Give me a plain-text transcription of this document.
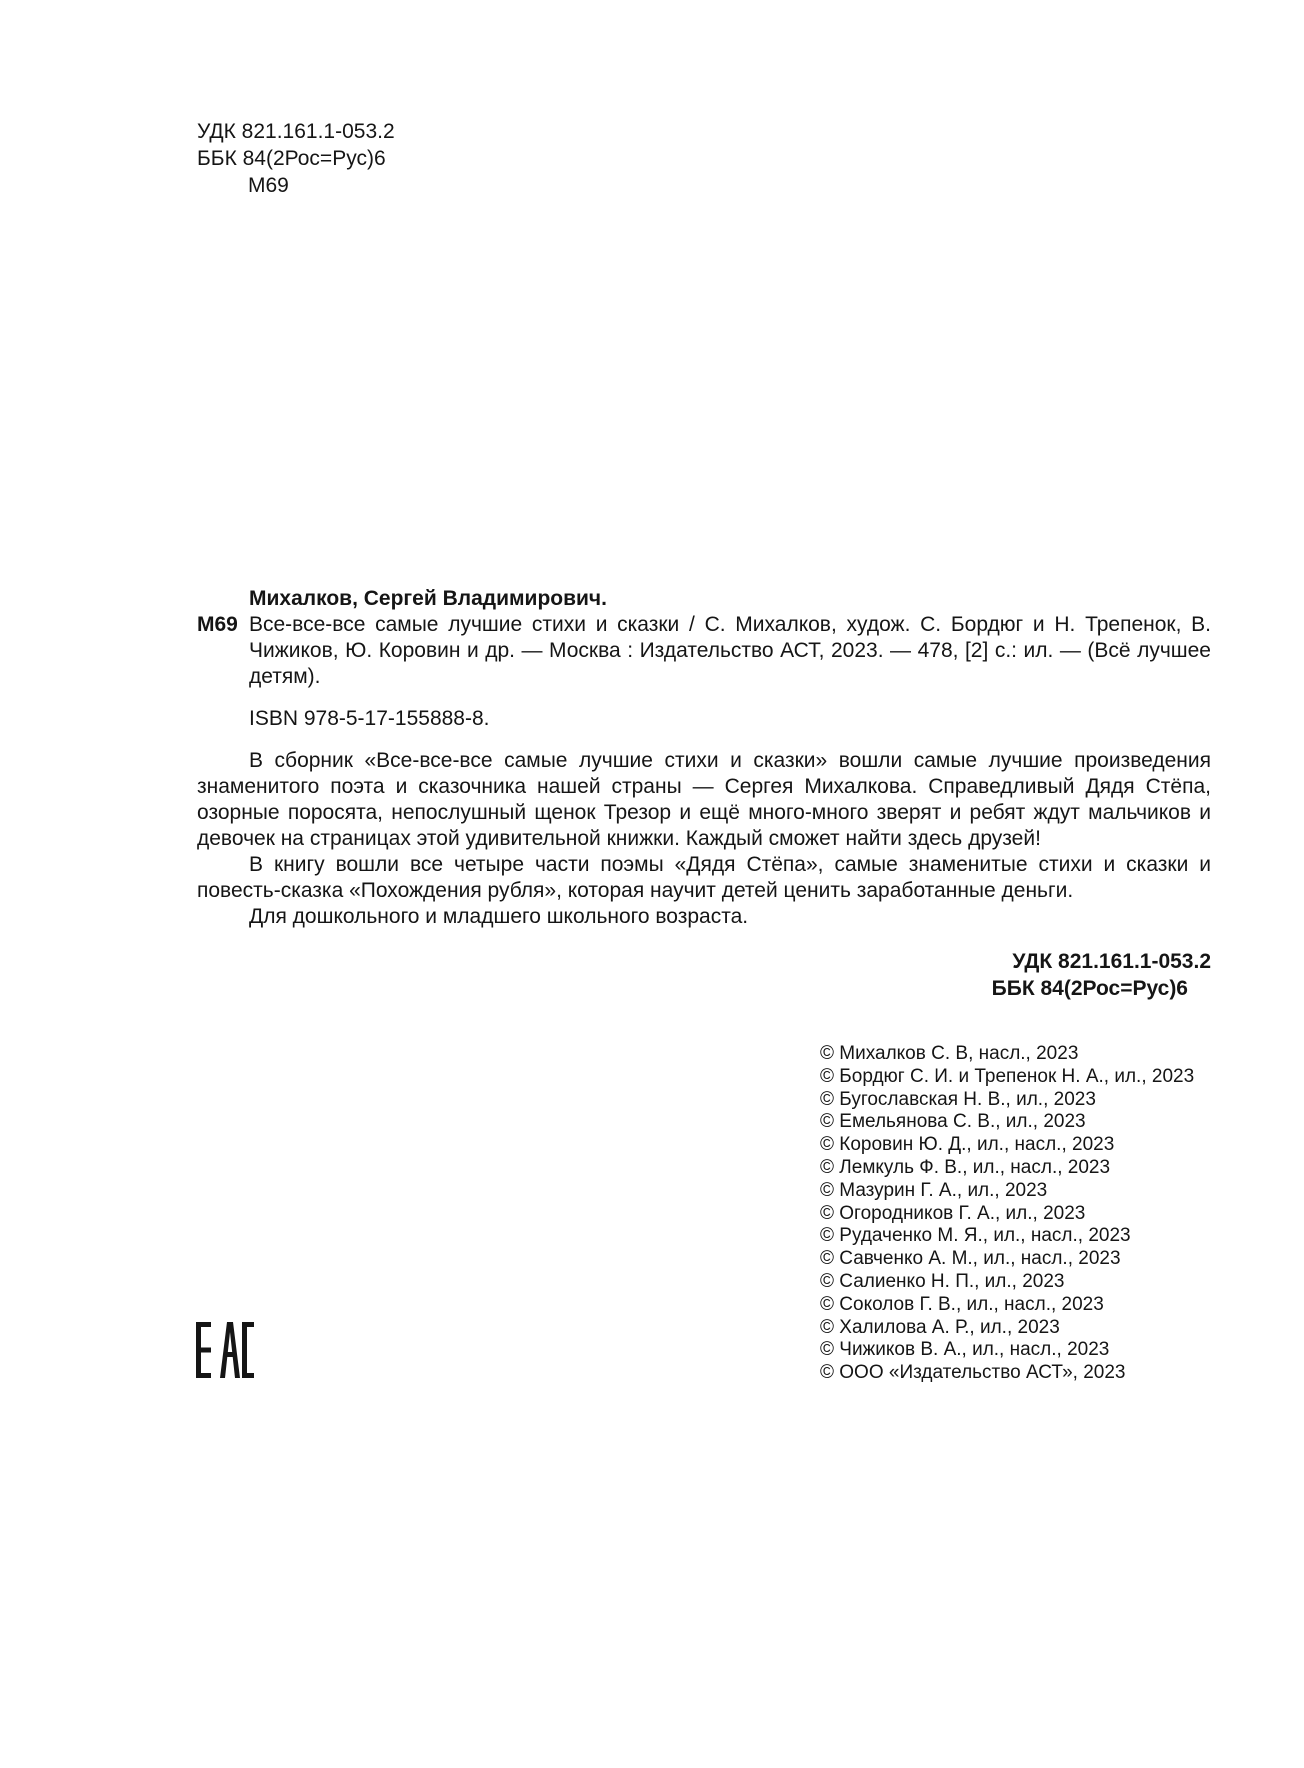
УДК 821.161.1-053.2
ББК 84(2Рос=Рус)6
М69
Михалков, Сергей Владимирович.
М69 Все-все-все самые лучшие стихи и сказки / С. Михалков, худож. С. Бордюг и Н. Трепенок, В. Чижиков, Ю. Коровин и др. — Москва : Издательство АСТ, 2023. — 478, [2] с.: ил. — (Всё лучшее детям).
ISBN 978-5-17-155888-8.

В сборник «Все-все-все самые лучшие стихи и сказки» вошли самые лучшие произведения знаменитого поэта и сказочника нашей страны — Сергея Михалкова. Справедливый Дядя Стёпа, озорные поросята, непослушный щенок Трезор и ещё много-много зверят и ребят ждут мальчиков и девочек на страницах этой удивительной книжки. Каждый сможет найти здесь друзей!

В книгу вошли все четыре части поэмы «Дядя Стёпа», самые знаменитые стихи и сказки и повесть-сказка «Похождения рубля», которая научит детей ценить заработанные деньги.

Для дошкольного и младшего школьного возраста.

УДК 821.161.1-053.2
ББК 84(2Рос=Рус)6
© Михалков С. В, насл., 2023
© Бордюг С. И. и Трепенок Н. А., ил., 2023
© Бугославская Н. В., ил., 2023
© Емельянова С. В., ил., 2023
© Коровин Ю. Д., ил., насл., 2023
© Лемкуль Ф. В., ил., насл., 2023
© Мазурин Г. А., ил., 2023
© Огородников Г. А., ил., 2023
© Рудаченко М. Я., ил., насл., 2023
© Савченко А. М., ил., насл., 2023
© Салиенко Н. П., ил., 2023
© Соколов Г. В., ил., насл., 2023
© Халилова А. Р., ил., 2023
© Чижиков В. А., ил., насл., 2023
© ООО «Издательство АСТ», 2023
